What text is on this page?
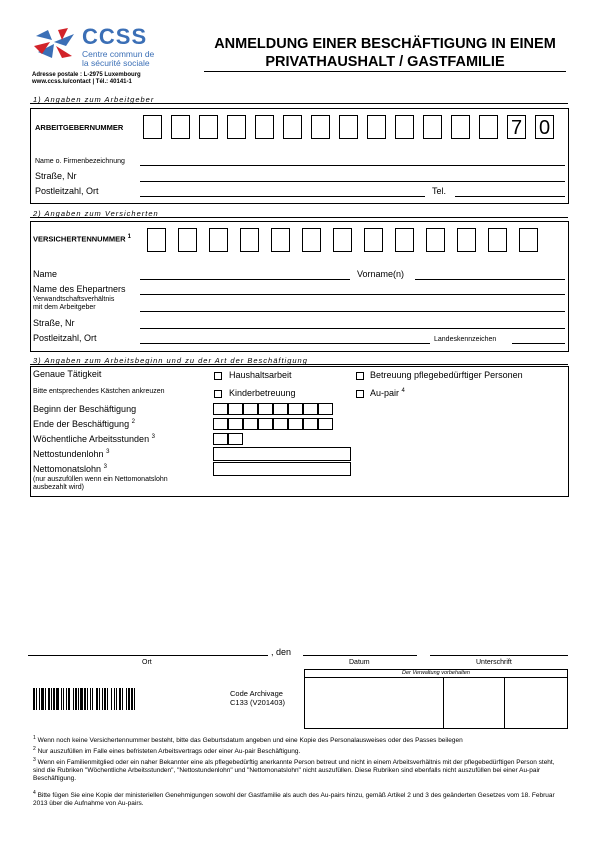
CCSS
Centre commun de
la sécurité sociale
Adresse postale : L-2975 Luxembourg
www.ccss.lu/contact | Tél.: 40141-1
ANMELDUNG EINER BESCHÄFTIGUNG IN EINEM
PRIVATHAUSHALT / GASTFAMILIE
1) Angaben zum Arbeitgeber
ARBEITGEBERNUMMER	7 0
Name o. Firmenbezeichnung
Straße, Nr
Postleitzahl, Ort	Tel.
2) Angaben zum Versicherten
VERSICHERTENNUMMER $^1$
Name	Vorname(n)
Name des Ehepartners
Verwandtschaftsverhältnis
mit dem Arbeitgeber
Straße, Nr
Postleitzahl, Ort	Landeskennzeichen
3) Angaben zum Arbeitsbeginn und zu der Art der Beschäftigung
Genaue Tätigkeit
Bitte entsprechendes Kästchen ankreuzen
Haushaltsarbeit	Betreuung pflegebedürftiger Personen
Kinderbetreuung	Au-pair $^4$
Beginn der Beschäftigung
Ende der Beschäftigung $^2$
Wöchentliche Arbeitsstunden $^3$
Nettostundenlohn $^3$
Nettomonatslohn $^3$
(nur auszufüllen wenn ein Nettomonatslohn
ausbezahlt wird)
, den
Ort	Datum	Unterschrift
Code Archivage
C133 (V201403)
Der Verwaltung vorbehalten
$^1$ Wenn noch keine Versichertennummer besteht, bitte das Geburtsdatum angeben und eine Kopie des Personalausweises oder des Passes beilegen
$^2$ Nur auszufüllen im Falle eines befristeten Arbeitsvertrags oder einer Au-pair Beschäftigung.
$^3$ Wenn ein Familienmitglied oder ein naher Bekannter eine als pflegebedürftig anerkannte Person betreut und nicht in einem Arbeitsverhältnis mit der pflegebedürftigen Person steht, sind die Rubriken "Wöchentliche Arbeitsstunden", "Nettostundenlohn" und "Nettomonatslohn" nicht auszufüllen. Diese Rubriken sind ebenfalls nicht auszufüllen bei einer Au-pair Beschäftigung.
$^4$ Bitte fügen Sie eine Kopie der ministeriellen Genehmigungen sowohl der Gastfamilie als auch des Au-pairs hinzu, gemäß Artikel 2 und 3 des geänderten Gesetzes vom 18. Februar 2013 über die Aufnahme von Au-pairs.
